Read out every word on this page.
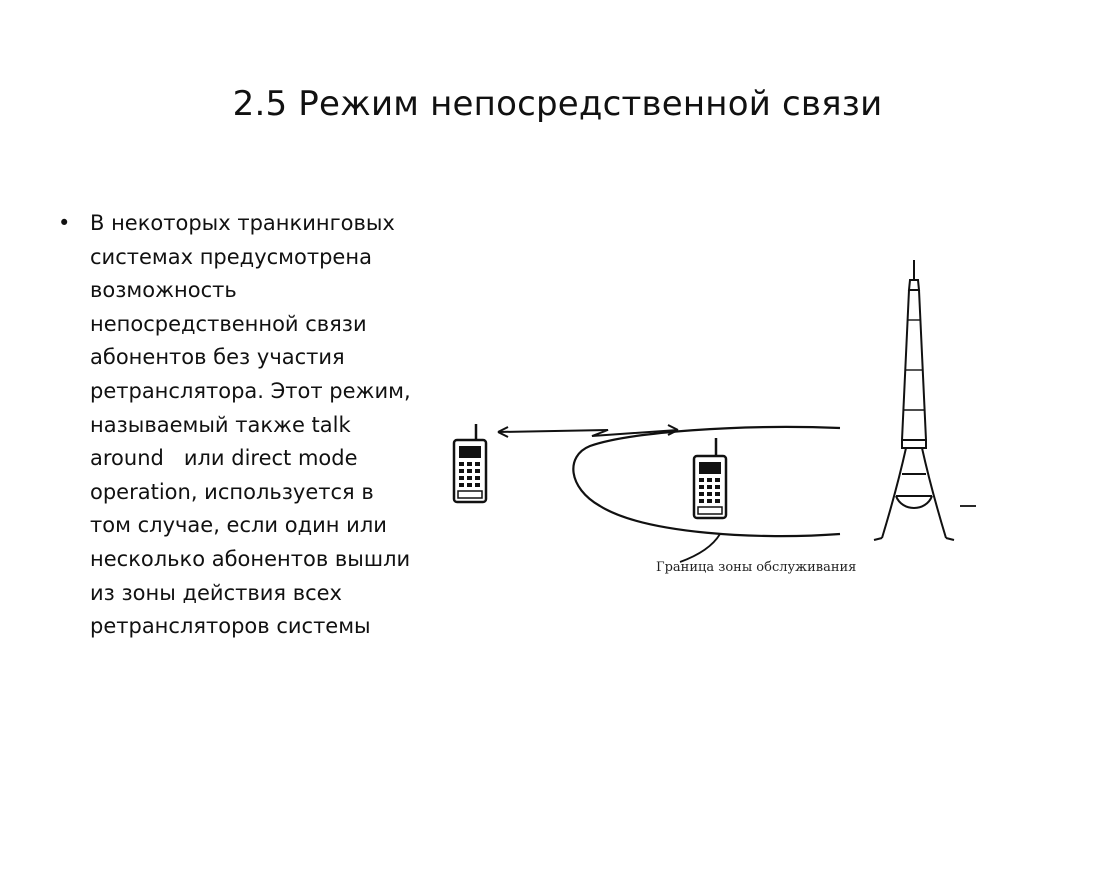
2.5 Режим непосредственной связи
• В некоторых транкинговых
системах предусмотрена
возможность
непосредственной связи
абонентов без участия
ретранслятора. Этот режим,
называемый также talk
around   или direct mode
operation, используется в
том случае, если один или
несколько абонентов вышли
из зоны действия всех
ретрансляторов системы
Граница зоны обслуживания
